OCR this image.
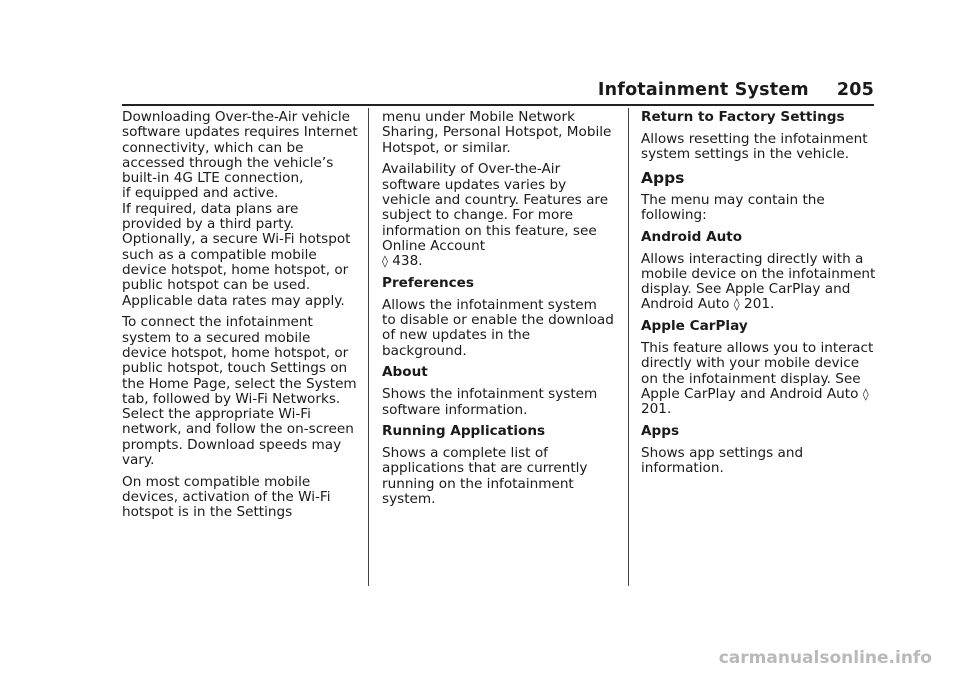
Infotainment System 205

Downloading Over-the-Air vehicle software updates requires Internet connectivity, which can be accessed through the vehicle’s built-in 4G LTE connection,
if equipped and active.
If required, data plans are provided by a third party. Optionally, a secure Wi-Fi hotspot such as a compatible mobile device hotspot, home hotspot, or public hotspot can be used. Applicable data rates may apply.

To connect the infotainment system to a secured mobile device hotspot, home hotspot, or public hotspot, touch Settings on the Home Page, select the System tab, followed by Wi-Fi Networks. Select the appropriate Wi-Fi network, and follow the on-screen prompts. Download speeds may vary.

On most compatible mobile devices, activation of the Wi-Fi hotspot is in the Settings

menu under Mobile Network Sharing, Personal Hotspot, Mobile Hotspot, or similar.

Availability of Over-the-Air software updates varies by vehicle and country. Features are subject to change. For more information on this feature, see Online Account
◊ 438.

Preferences

Allows the infotainment system to disable or enable the download of new updates in the background.

About

Shows the infotainment system software information.

Running Applications

Shows a complete list of applications that are currently running on the infotainment system.

Return to Factory Settings

Allows resetting the infotainment system settings in the vehicle.

Apps

The menu may contain the following:

Android Auto

Allows interacting directly with a mobile device on the infotainment display. See Apple CarPlay and Android Auto ◊ 201.

Apple CarPlay

This feature allows you to interact directly with your mobile device on the infotainment display. See Apple CarPlay and Android Auto ◊ 201.

Apps

Shows app settings and information.

carmanualsonline.info
